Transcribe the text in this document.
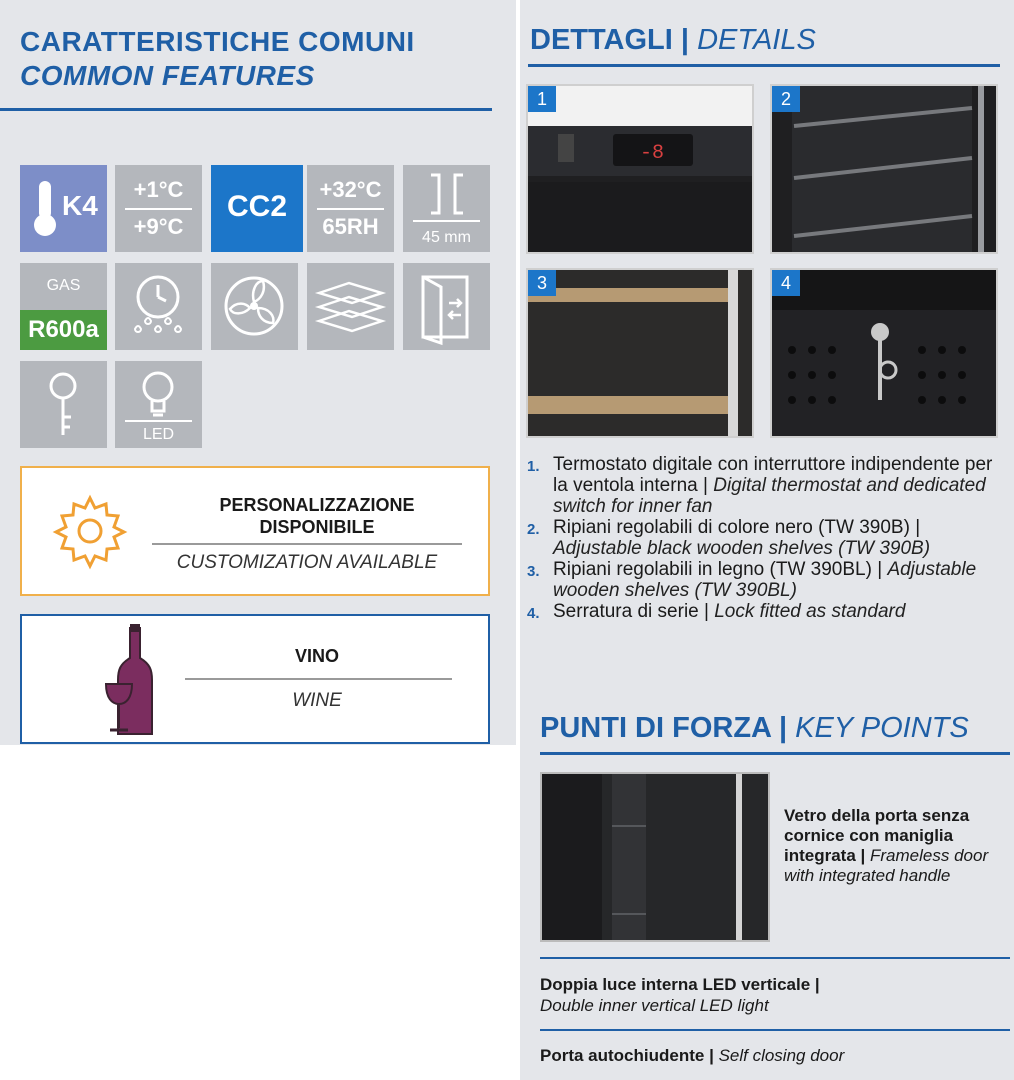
CARATTERISTICHE COMUNI
COMMON FEATURES
K4
+1°C
+9°C
CC2
+32°C
65RH	45 mm
GAS
R600a
LED
PERSONALIZZAZIONE DISPONIBILE
CUSTOMIZATION AVAILABLE
VINO
WINE
DETTAGLI | DETAILS
-8
1	2
3	4
1. Termostato digitale con interruttore indipendente per la ventola interna | Digital thermostat and dedicated switch for inner fan
2. Ripiani regolabili di colore nero (TW 390B) | Adjustable black wooden shelves (TW 390B)
3. Ripiani regolabili in legno (TW 390BL) | Adjustable wooden shelves (TW 390BL)
4. Serratura di serie | Lock fitted as standard
PUNTI DI FORZA | KEY POINTS
Vetro della porta senza cornice con maniglia integrata | Frameless door with integrated handle
Doppia luce interna LED verticale |
Double inner vertical LED light
Porta autochiudente | Self closing door
